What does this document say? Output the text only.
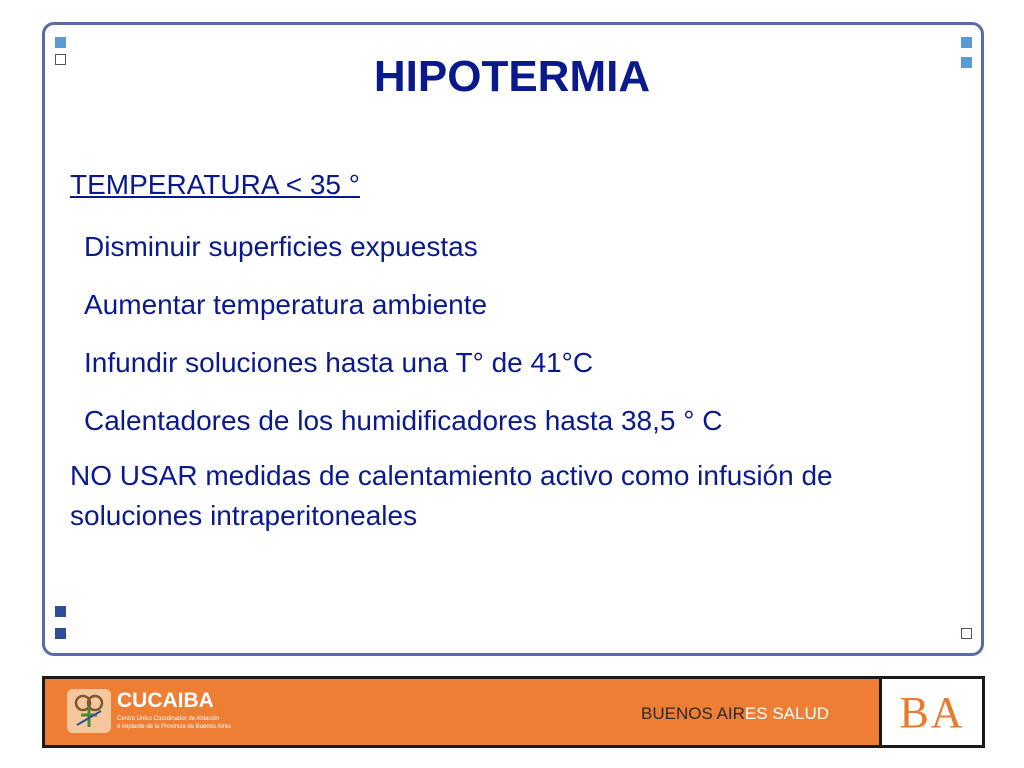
HIPOTERMIA

TEMPERATURA < 35 °

Disminuir superficies expuestas

Aumentar temperatura ambiente

Infundir soluciones hasta una T° de 41°C

Calentadores de los humidificadores hasta 38,5 ° C

NO USAR medidas de calentamiento activo como infusión de soluciones intraperitoneales

CUCAIBA

Centro Único Coordinador de Ablación
e implante de la Provincia de Buenos Aires

BUENOS AIRES SALUD BA
